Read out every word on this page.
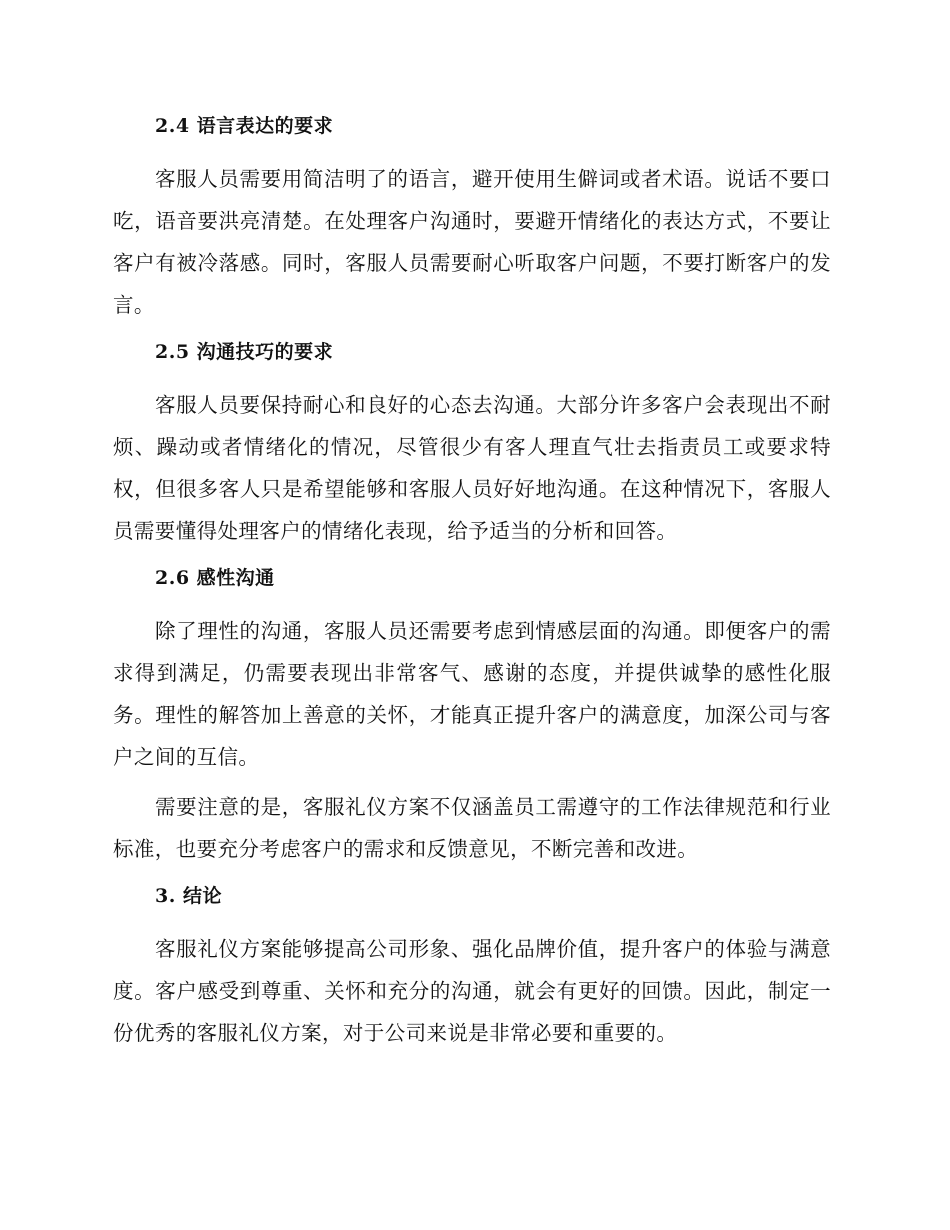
2.4 语言表达的要求

客服人员需要用简洁明了的语言，避开使用生僻词或者术语。说话不要口吃，语音要洪亮清楚。在处理客户沟通时，要避开情绪化的表达方式，不要让客户有被冷落感。同时，客服人员需要耐心听取客户问题，不要打断客户的发言。

2.5 沟通技巧的要求

客服人员要保持耐心和良好的心态去沟通。大部分许多客户会表现出不耐烦、躁动或者情绪化的情况，尽管很少有客人理直气壮去指责员工或要求特权，但很多客人只是希望能够和客服人员好好地沟通。在这种情况下，客服人员需要懂得处理客户的情绪化表现，给予适当的分析和回答。

2.6 感性沟通

除了理性的沟通，客服人员还需要考虑到情感层面的沟通。即便客户的需求得到满足，仍需要表现出非常客气、感谢的态度，并提供诚挚的感性化服务。理性的解答加上善意的关怀，才能真正提升客户的满意度，加深公司与客户之间的互信。

需要注意的是，客服礼仪方案不仅涵盖员工需遵守的工作法律规范和行业标准，也要充分考虑客户的需求和反馈意见，不断完善和改进。

3. 结论

客服礼仪方案能够提高公司形象、强化品牌价值，提升客户的体验与满意度。客户感受到尊重、关怀和充分的沟通，就会有更好的回馈。因此，制定一份优秀的客服礼仪方案，对于公司来说是非常必要和重要的。
